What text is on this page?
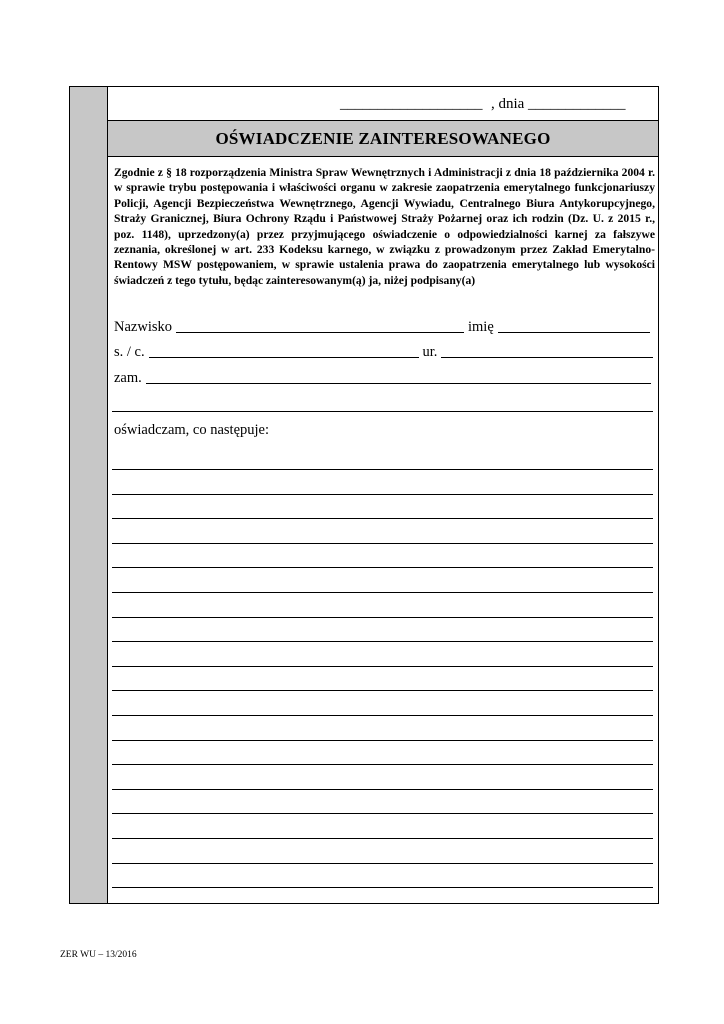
___________________ , dnia _____________
OŚWIADCZENIE ZAINTERESOWANEGO

Zgodnie z § 18 rozporządzenia Ministra Spraw Wewnętrznych i Administracji z dnia 18 października 2004 r. w sprawie trybu postępowania i właściwości organu w zakresie zaopatrzenia emerytalnego funkcjonariuszy Policji, Agencji Bezpieczeństwa Wewnętrznego, Agencji Wywiadu, Centralnego Biura Antykorupcyjnego, Straży Granicznej, Biura Ochrony Rządu i Państwowej Straży Pożarnej oraz ich rodzin (Dz. U. z 2015 r., poz. 1148), uprzedzony(a) przez przyjmującego oświadczenie o odpowiedzialności karnej za fałszywe zeznania, określonej w art. 233 Kodeksu karnego, w związku z prowadzonym przez Zakład Emerytalno-Rentowy MSW postępowaniem, w sprawie ustalenia prawa do zaopatrzenia emerytalnego lub wysokości świadczeń z tego tytułu, będąc zainteresowanym(ą) ja, niżej podpisany(a)

Nazwisko	imię
s. / c.	ur.
zam.
oświadczam, co następuje:
ZER WU – 13/2016
